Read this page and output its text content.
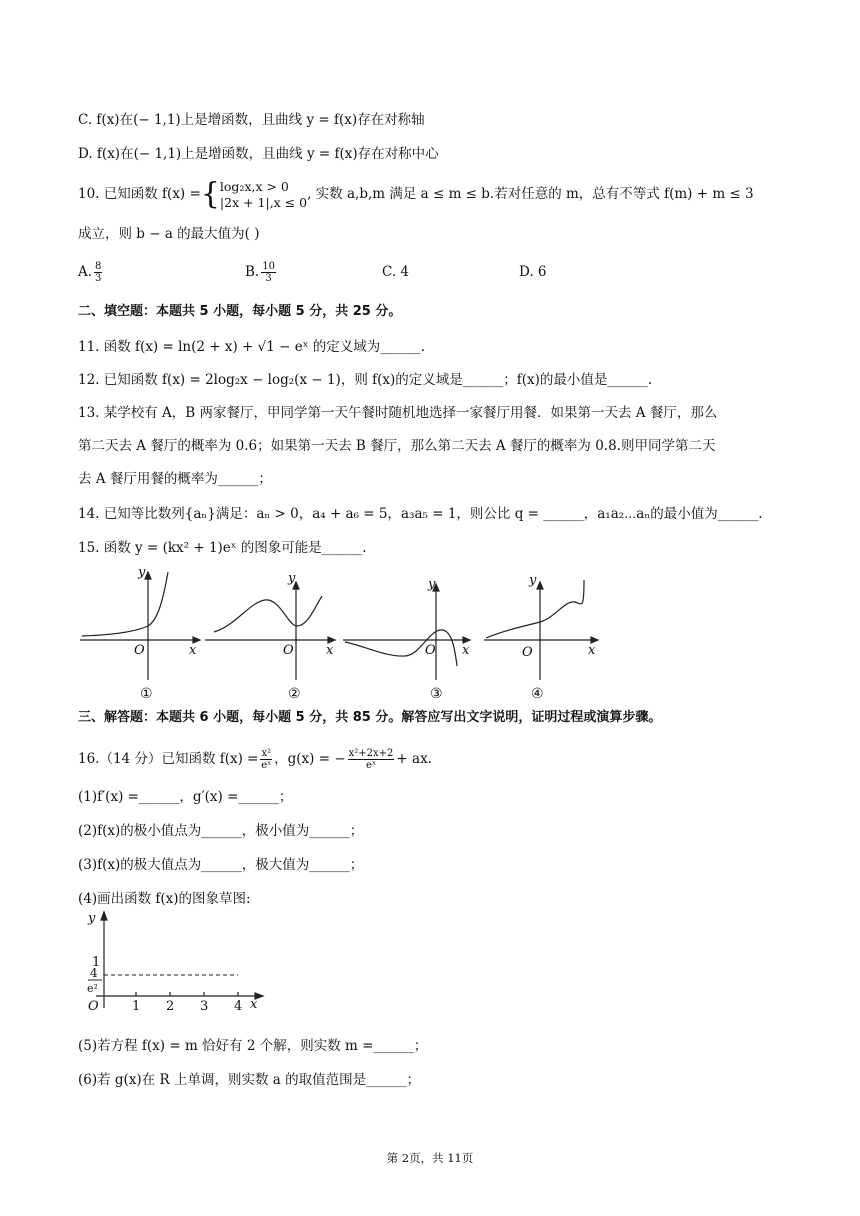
C. f(x)在(− 1,1)上是增函数，且曲线 y = f(x)存在对称轴
D. f(x)在(− 1,1)上是增函数，且曲线 y = f(x)存在对称中心
10. 已知函数 f(x) ={ log₂x,x > 0
|2x + 1|,x ≤ 0 , 实数 a,b,m 满足 a ≤ m ≤ b.若对任意的 m，总有不等式 f(m) + m ≤ 3
成立，则 b − a 的最大值为( )
A. $\frac{8}{3}$	B. $\frac{10}{3}$	C. 4	D. 6
二、填空题：本题共 5 小题，每小题 5 分，共 25 分。
11. 函数 f(x) = ln(2 + x) + √1 − eˣ 的定义域为______.
12. 已知函数 f(x) = 2log₂x − log₂(x − 1)，则 f(x)的定义域是______；f(x)的最小值是______.
13. 某学校有 A，B 两家餐厅，甲同学第一天午餐时随机地选择一家餐厅用餐．如果第一天去 A 餐厅，那么
第二天去 A 餐厅的概率为 0.6；如果第一天去 B 餐厅，那么第二天去 A 餐厅的概率为 0.8.则甲同学第二天
去 A 餐厅用餐的概率为______；
14. 已知等比数列{aₙ}满足：aₙ > 0，a₄ + a₆ = 5，a₃a₅ = 1，则公比 q = ______，a₁a₂⋯aₙ的最小值为______.
15. 函数 y = (kx² + 1)eˣ 的图象可能是______.
y
x
O
y
x
O
y
x
O
y
x
O
①	②	③	④
三、解答题：本题共 6 小题，每小题 5 分，共 85 分。解答应写出文字说明，证明过程或演算步骤。
16.（14 分）已知函数 $f(x) = \frac{\text{x²}}{\text{eˣ}}$ ，g(x) = − $\frac{\text{x²+2x+2}}{\text{eˣ}}$ + ax.
(1)f′(x) =______，g′(x) =______；
(2)f(x)的极小值点为______，极小值为______；
(3)f(x)的极大值点为______，极大值为______；
(4)画出函数 f(x)的图象草图:
y
x
O
1
4
e²
1 2 3 4
(5)若方程 f(x) = m 恰好有 2 个解，则实数 m =______；
(6)若 g(x)在 R 上单调，则实数 a 的取值范围是______；
第 2页，共 11页
